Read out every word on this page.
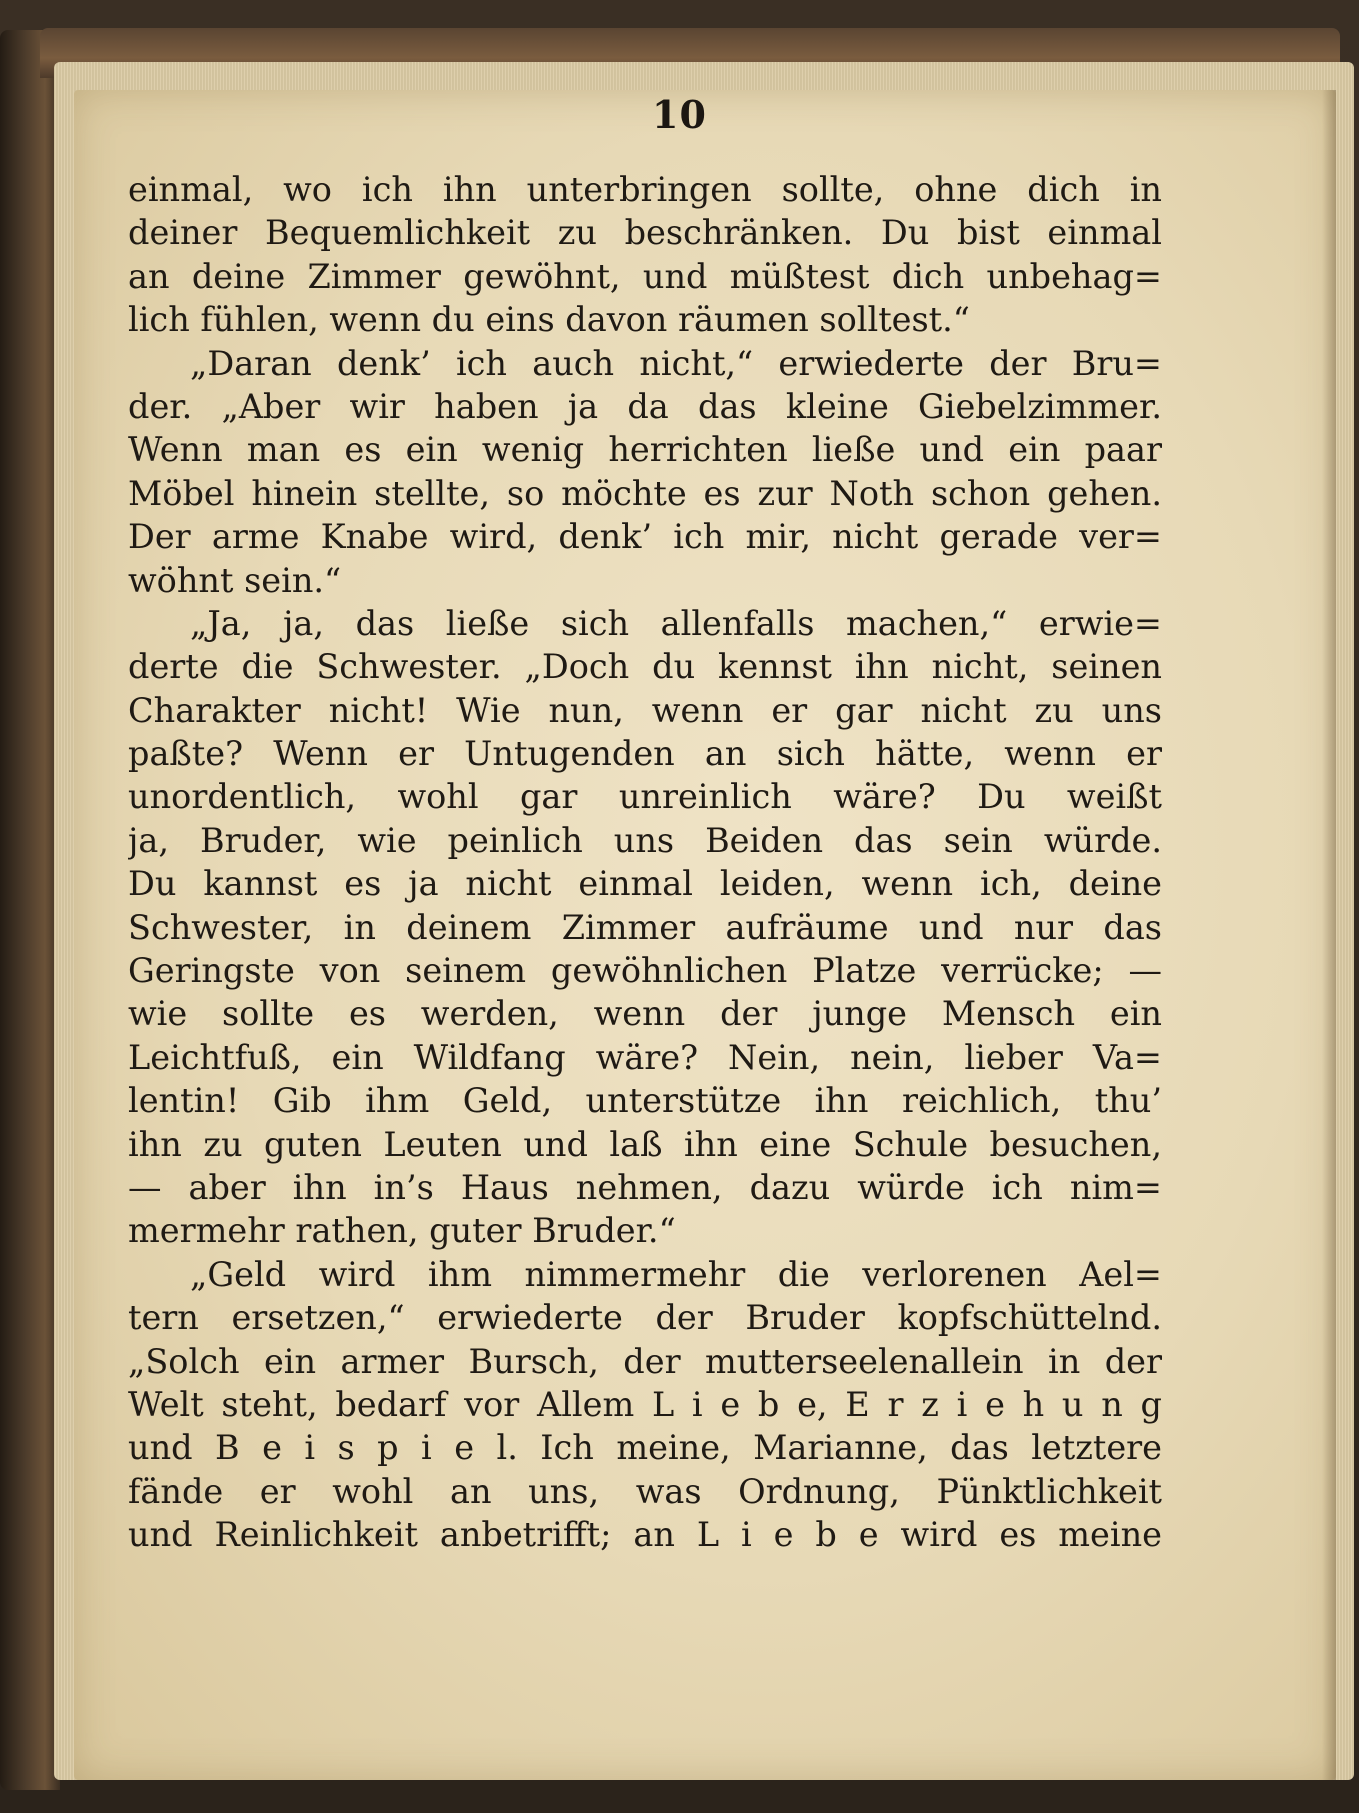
10
einmal, wo ich ihn unterbringen sollte, ohne dich in
deiner Bequemlichkeit zu beschränken. Du bist einmal
an deine Zimmer gewöhnt, und müßtest dich unbehag=
lich fühlen, wenn du eins davon räumen solltest.“
„Daran denk’ ich auch nicht,“ erwiederte der Bru=
der. „Aber wir haben ja da das kleine Giebelzimmer.
Wenn man es ein wenig herrichten ließe und ein paar
Möbel hinein stellte, so möchte es zur Noth schon gehen.
Der arme Knabe wird, denk’ ich mir, nicht gerade ver=
wöhnt sein.“
„Ja, ja, das ließe sich allenfalls machen,“ erwie=
derte die Schwester. „Doch du kennst ihn nicht, seinen
Charakter nicht! Wie nun, wenn er gar nicht zu uns
paßte? Wenn er Untugenden an sich hätte, wenn er
unordentlich, wohl gar unreinlich wäre? Du weißt
ja, Bruder, wie peinlich uns Beiden das sein würde.
Du kannst es ja nicht einmal leiden, wenn ich, deine
Schwester, in deinem Zimmer aufräume und nur das
Geringste von seinem gewöhnlichen Platze verrücke; —
wie sollte es werden, wenn der junge Mensch ein
Leichtfuß, ein Wildfang wäre? Nein, nein, lieber Va=
lentin! Gib ihm Geld, unterstütze ihn reichlich, thu’
ihn zu guten Leuten und laß ihn eine Schule besuchen,
— aber ihn in’s Haus nehmen, dazu würde ich nim=
mermehr rathen, guter Bruder.“
„Geld wird ihm nimmermehr die verlorenen Ael=
tern ersetzen,“ erwiederte der Bruder kopfschüttelnd.
„Solch ein armer Bursch, der mutterseelenallein in der
Welt steht, bedarf vor Allem L i e b e, E r z i e h u n g
und B e i s p i e l. Ich meine, Marianne, das letztere
fände er wohl an uns, was Ordnung, Pünktlichkeit
und Reinlichkeit anbetrifft; an L i e b e wird es meine
